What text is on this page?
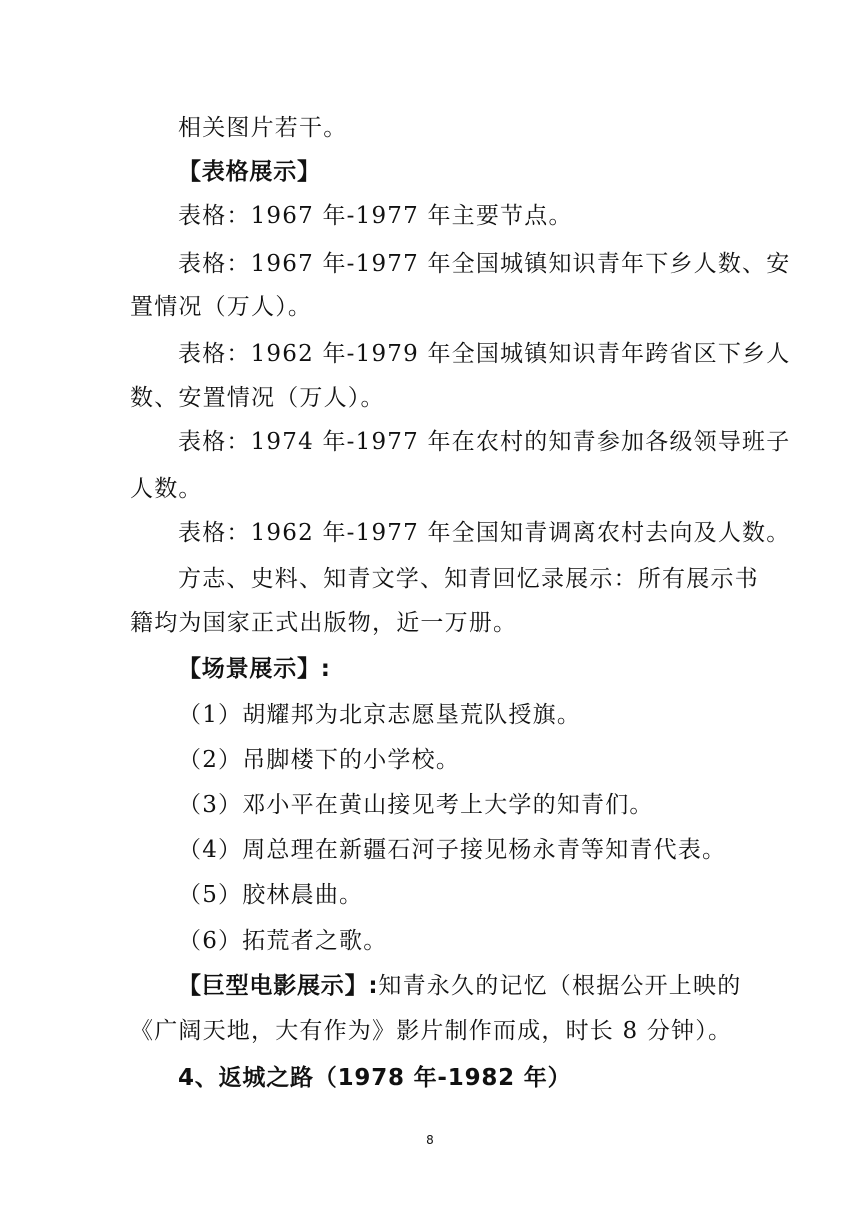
相关图片若干。
【表格展示】
表格：1967 年-1977 年主要节点。
表格：1967 年-1977 年全国城镇知识青年下乡人数、安
置情况（万人）。
表格：1962 年-1979 年全国城镇知识青年跨省区下乡人
数、安置情况（万人）。
表格：1974 年-1977 年在农村的知青参加各级领导班子
人数。
表格：1962 年-1977 年全国知青调离农村去向及人数。
方志、史料、知青文学、知青回忆录展示：所有展示书
籍均为国家正式出版物，近一万册。
【场景展示】:
（1）胡耀邦为北京志愿垦荒队授旗。
（2）吊脚楼下的小学校。
（3）邓小平在黄山接见考上大学的知青们。
（4）周总理在新疆石河子接见杨永青等知青代表。
（5）胶林晨曲。
（6）拓荒者之歌。
【巨型电影展示】:知青永久的记忆（根据公开上映的
《广阔天地，大有作为》影片制作而成，时长 8 分钟）。
4、返城之路（1978 年-1982 年）
8
